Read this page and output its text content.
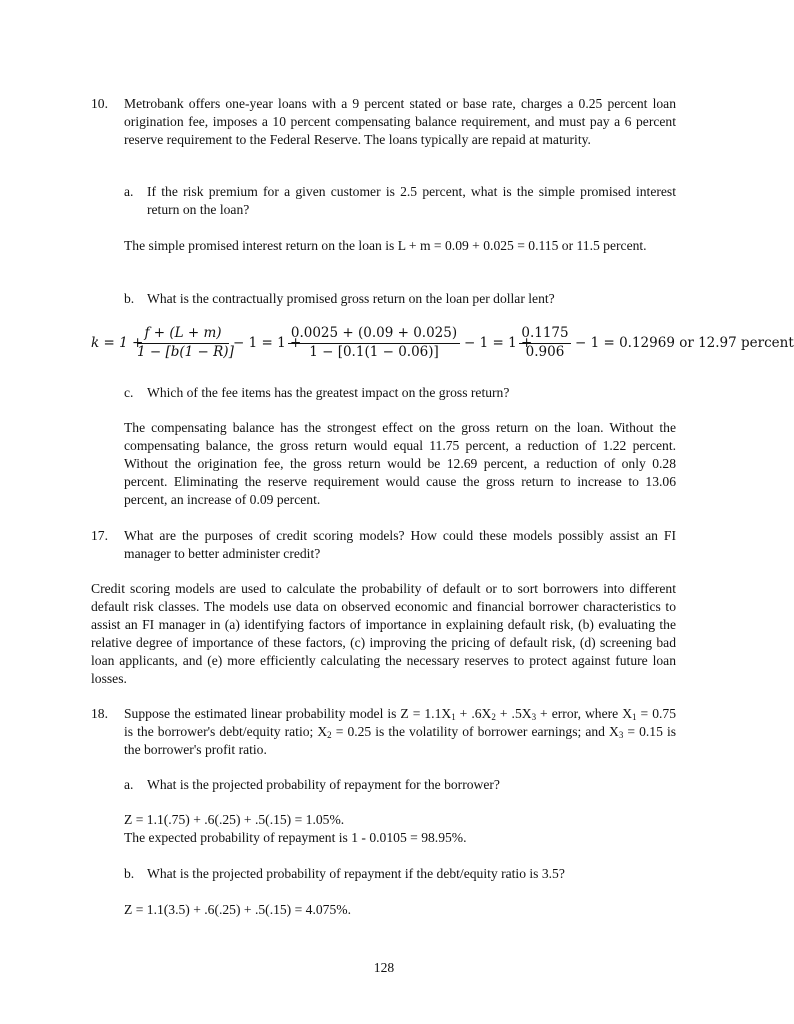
10. Metrobank offers one-year loans with a 9 percent stated or base rate, charges a 0.25 percent loan origination fee, imposes a 10 percent compensating balance requirement, and must pay a 6 percent reserve requirement to the Federal Reserve. The loans typically are repaid at maturity.
a. If the risk premium for a given customer is 2.5 percent, what is the simple promised interest return on the loan?
The simple promised interest return on the loan is L + m = 0.09 + 0.025 = 0.115 or 11.5 percent.
b. What is the contractually promised gross return on the loan per dollar lent?
k = 1 +
$\frac{f + (L + m)}{1 - [b(1 - R)]} - 1 = 1$ +
$\frac{0.0025 + (0.09 + 0.025)}{1 - [0.1(1 - 0.06)]} - 1 = 1$ +
$\frac{0.1175}{0.906} - 1 = 0.12969$ or 12.97 percent
c. Which of the fee items has the greatest impact on the gross return?
The compensating balance has the strongest effect on the gross return on the loan. Without the compensating balance, the gross return would equal 11.75 percent, a reduction of 1.22 percent. Without the origination fee, the gross return would be 12.69 percent, a reduction of only 0.28 percent. Eliminating the reserve requirement would cause the gross return to increase to 13.06 percent, an increase of 0.09 percent.
17. What are the purposes of credit scoring models? How could these models possibly assist an FI manager to better administer credit?
Credit scoring models are used to calculate the probability of default or to sort borrowers into different default risk classes. The models use data on observed economic and financial borrower characteristics to assist an FI manager in (a) identifying factors of importance in explaining default risk, (b) evaluating the relative degree of importance of these factors, (c) improving the pricing of default risk, (d) screening bad loan applicants, and (e) more efficiently calculating the necessary reserves to protect against future loan losses.
18. Suppose the estimated linear probability model is $Z = 1.1X_1 + .6X_2 + .5X_3$ + error, where $X_1 = 0.75$ is the borrower's debt/equity ratio; $X_2 = 0.25$ is the volatility of borrower earnings; and $X_3 = 0.15$ is the borrower's profit ratio.
a. What is the projected probability of repayment for the borrower?
Z = 1.1(.75) + .6(.25) + .5(.15) = 1.05%.
The expected probability of repayment is 1 - 0.0105 = 98.95%.
b. What is the projected probability of repayment if the debt/equity ratio is 3.5?
Z = 1.1(3.5) + .6(.25) + .5(.15) = 4.075%.
128
